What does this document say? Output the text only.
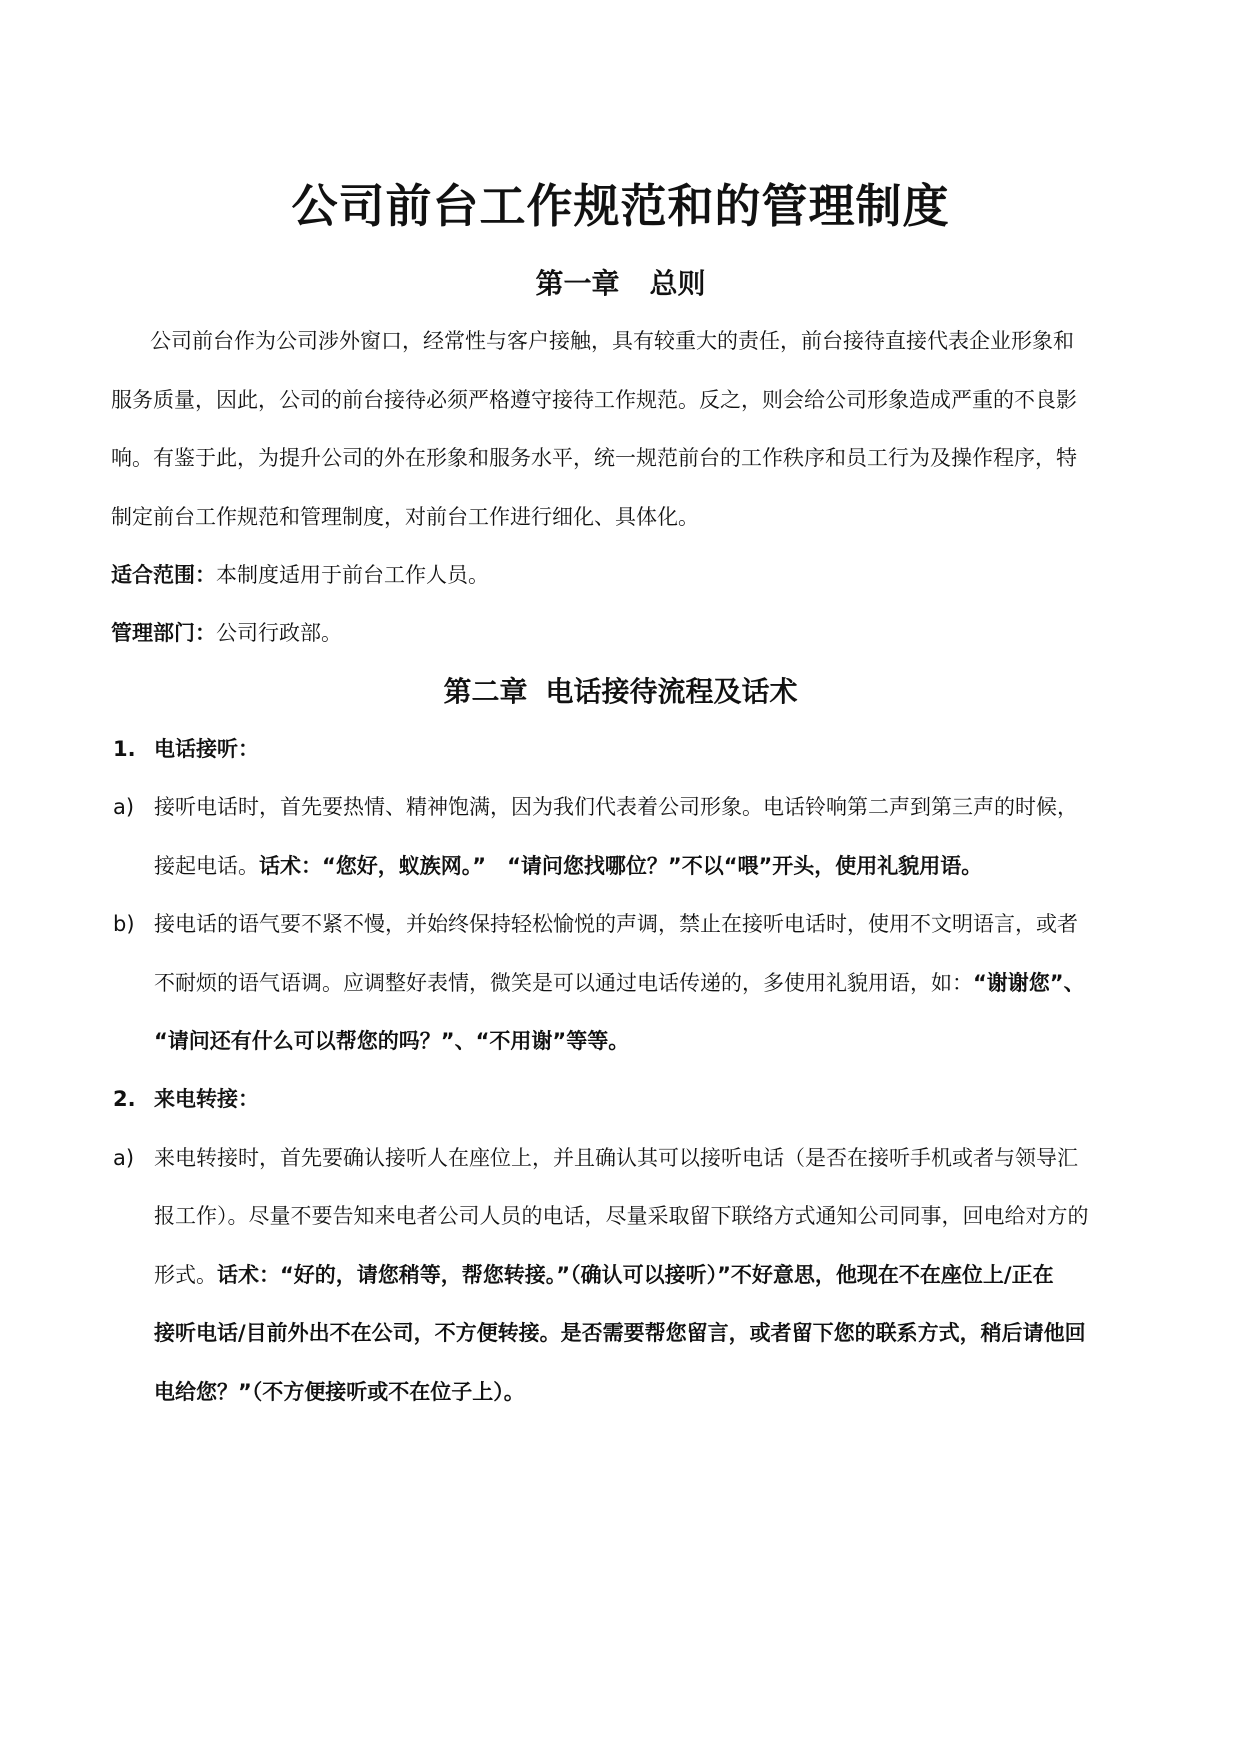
公司前台工作规范和的管理制度
第一章 总则
公司前台作为公司涉外窗口，经常性与客户接触，具有较重大的责任，前台接待直接代表企业形象和
服务质量，因此，公司的前台接待必须严格遵守接待工作规范。反之，则会给公司形象造成严重的不良影
响。有鉴于此，为提升公司的外在形象和服务水平，统一规范前台的工作秩序和员工行为及操作程序，特
制定前台工作规范和管理制度，对前台工作进行细化、具体化。
适合范围：本制度适用于前台工作人员。
管理部门：公司行政部。
第二章 电话接待流程及话术
1. 电话接听：
a) 接听电话时，首先要热情、精神饱满，因为我们代表着公司形象。电话铃响第二声到第三声的时候，
接起电话。话术：“您好，蚁族网。”　“请问您找哪位？”不以“喂”开头，使用礼貌用语。
b) 接电话的语气要不紧不慢，并始终保持轻松愉悦的声调，禁止在接听电话时，使用不文明语言，或者
不耐烦的语气语调。应调整好表情，微笑是可以通过电话传递的，多使用礼貌用语，如：“谢谢您”、
“请问还有什么可以帮您的吗？”、“不用谢”等等。
2. 来电转接：
a) 来电转接时，首先要确认接听人在座位上，并且确认其可以接听电话（是否在接听手机或者与领导汇
报工作）。尽量不要告知来电者公司人员的电话，尽量采取留下联络方式通知公司同事，回电给对方的
形式。话术：“好的，请您稍等，帮您转接。”（确认可以接听）”不好意思，他现在不在座位上/正在
接听电话/目前外出不在公司，不方便转接。是否需要帮您留言，或者留下您的联系方式，稍后请他回
电给您？”（不方便接听或不在位子上）。
